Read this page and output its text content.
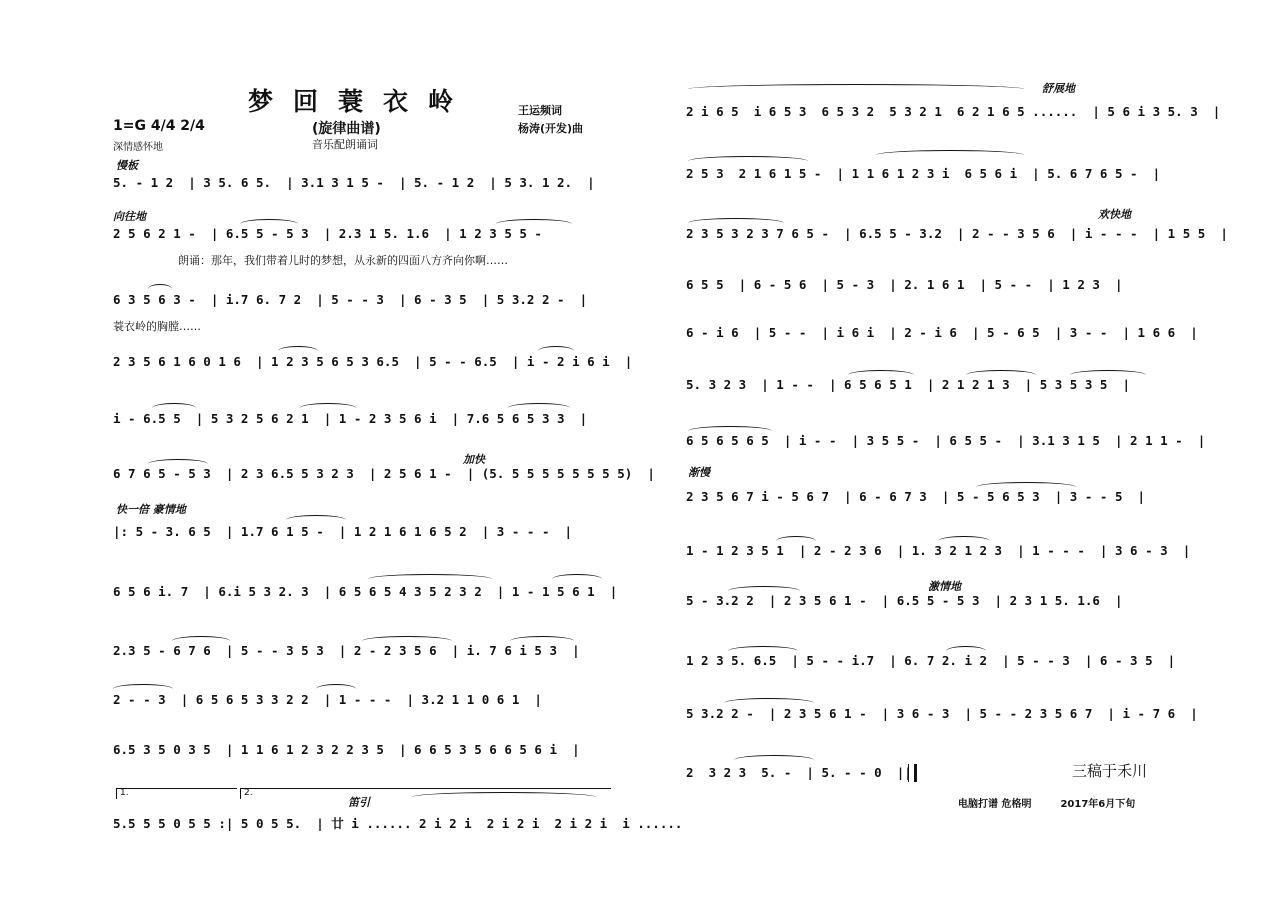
梦回蓑衣岭
(旋律曲谱)
音乐配朗诵词
王运频词
杨涛(开发)曲
1=G 4/4 2/4
深情感怀地
慢板
5. - 1 2  | 3 5. 6 5.  | 3.1 3 1 5 -  | 5. - 1 2  | 5 3. 1 2.  |
向往地
2 5 6 2 1 -  | 6.5 5 - 5 3  | 2.3 1 5. 1.6  | 1 2 3 5 5 -
朗诵：那年，我们带着儿时的梦想，从永新的四面八方齐向你啊……
6 3 5 6 3 -  | i.7 6. 7 2  | 5 - - 3  | 6 - 3 5  | 5 3.2 2 -  |
蓑衣岭的胸膛……
2 3 5 6 1 6 0 1 6  | 1 2 3 5 6 5 3 6.5  | 5 - - 6.5  | i - 2 i 6 i  |
i - 6.5 5  | 5 3 2 5 6 2 1  | 1 - 2 3 5 6 i  | 7.6 5 6 5 3 3  |
加快
6 7 6 5 - 5 3  | 2 3 6.5 5 3 2 3  | 2 5 6 1 -  | (5. 5 5 5 5 5 5 5 5)  |
快一倍 豪情地
|: 5 - 3. 6 5  | 1.7 6 1 5 -  | 1 2 1 6 1 6 5 2  | 3 - - -  |
6 5 6 i. 7  | 6.i 5 3 2. 3  | 6 5 6 5 4 3 5 2 3 2  | 1 - 1 5 6 1  |
2.3 5 - 6 7 6  | 5 - - 3 5 3  | 2 - 2 3 5 6  | i. 7 6 i 5 3  |
2 - - 3  | 6 5 6 5 3 3 2 2  | 1 - - -  | 3.2 1 1 0 6 1  |
6.5 3 5 0 3 5  | 1 1 6 1 2 3 2 2 3 5  | 6 6 5 3 5 6 6 5 6 i  |
1.	2.
笛引
5.5 5 5 0 5 5 :| 5 0 5 5.  | 廿 i ...... 2 i 2 i  2 i 2 i  2 i 2 i  i ......
舒展地
2 i 6 5  i 6 5 3  6 5 3 2  5 3 2 1  6 2 1 6 5 ......  | 5 6 i 3 5. 3  |
2 5 3  2 1 6 1 5 -  | 1 1 6 1 2 3 i  6 5 6 i  | 5. 6 7 6 5 -  |
欢快地
2 3 5 3 2 3 7 6 5 -  | 6.5 5 - 3.2  | 2 - - 3 5 6  | i - - -  | 1 5 5  |
6 5 5  | 6 - 5 6  | 5 - 3  | 2. 1 6 1  | 5 - -  | 1 2 3  |
6 - i 6  | 5 - -  | i 6 i  | 2 - i 6  | 5 - 6 5  | 3 - -  | 1 6 6  |
5. 3 2 3  | 1 - -  | 6 5 6 5 1  | 2 1 2 1 3  | 5 3 5 3 5  |
6 5 6 5 6 5  | i - -  | 3 5 5 -  | 6 5 5 -  | 3.1 3 1 5  | 2 1 1 -  |
渐慢
2 3 5 6 7 i - 5 6 7  | 6 - 6 7 3  | 5 - 5 6 5 3  | 3 - - 5  |
1 - 1 2 3 5 1  | 2 - 2 3 6  | 1. 3 2 1 2 3  | 1 - - -  | 3 6 - 3  |
激情地
5 - 3.2 2  | 2 3 5 6 1 -  | 6.5 5 - 5 3  | 2 3 1 5. 1.6  |
1 2 3 5. 6.5  | 5 - - i.7  | 6. 7 2. i 2  | 5 - - 3  | 6 - 3 5  |
5 3.2 2 -  | 2 3 5 6 1 -  | 3 6 - 3  | 5 - - 2 3 5 6 7  | i - 7 6  |
2  3 2 3  5. -  | 5. - - 0  ||	三稿于禾川
电脑打谱 危格明	2017年6月下旬
